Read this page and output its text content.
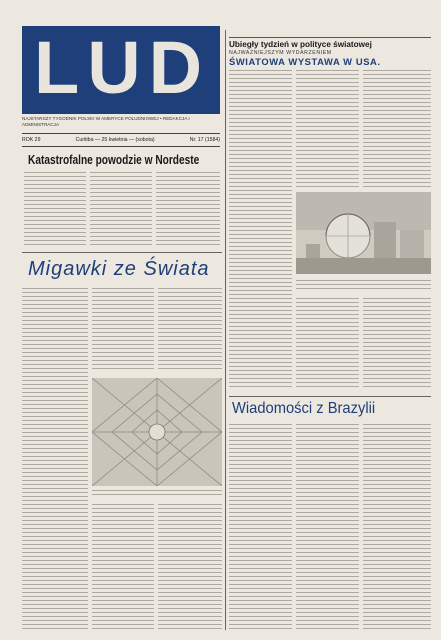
LUD
NAJSTARSZY TYGODNIK POLSKI W AMERYCE POLUDNIOWEJ • REDAKCJA I ADMINISTRACJA
ROK 29	Curitiba — 25 kwietnia — (sobota)	Nr. 17 (1584)
Ubiegły tydzień w polityce światowej
NAJWAŻNIEJSZYM WYDARZENIEM
ŚWIATOWA WYSTAWA W USA.
Wiadomości z Brazylii
Katastrofalne powodzie w Nordeste
Migawki ze Świata
